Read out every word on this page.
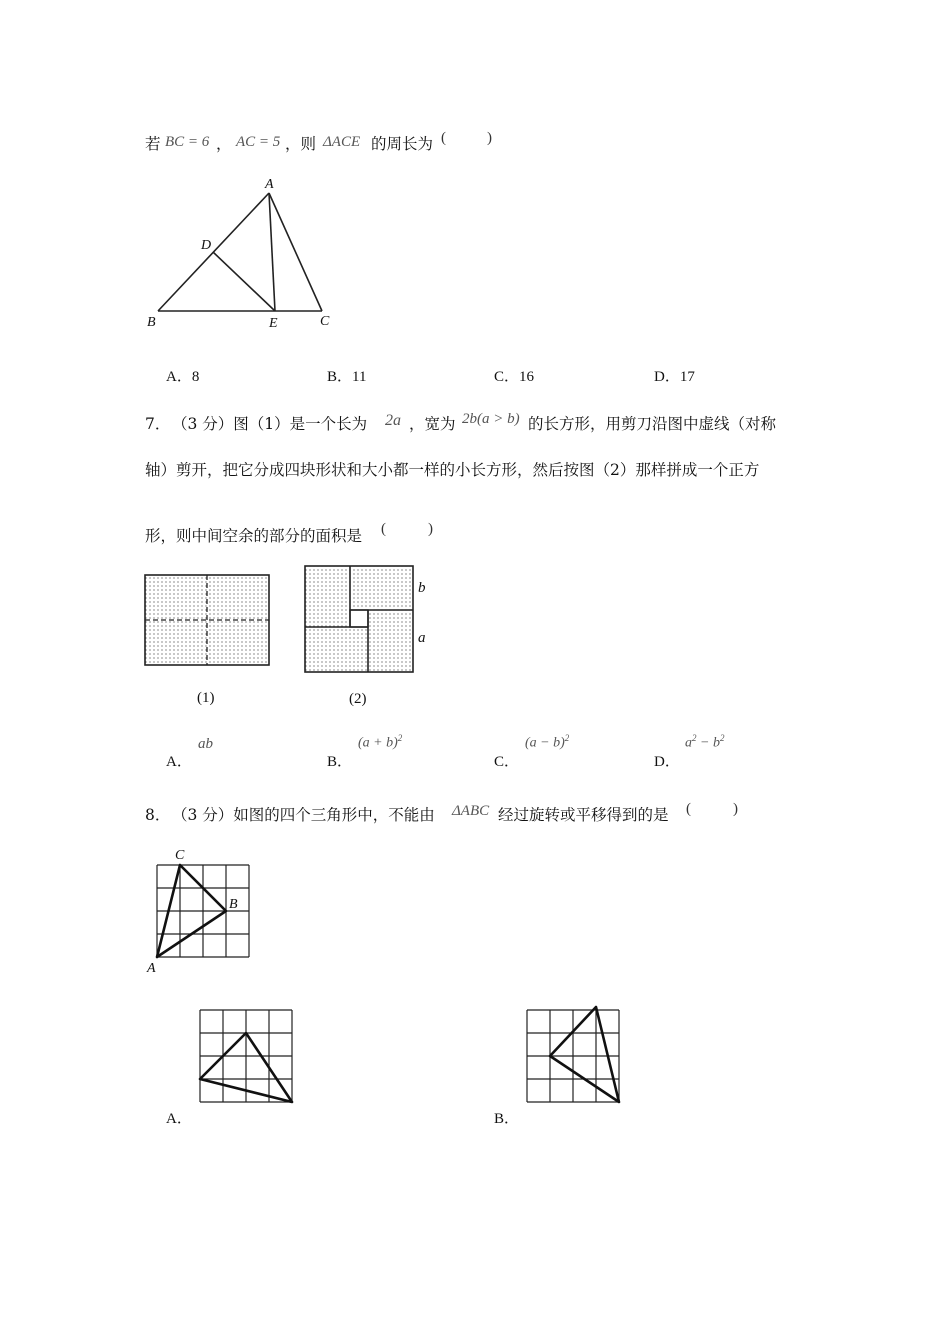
若 BC = 6 ， AC = 5 ，则 ΔACE 的周长为 (	)
A
B	C
D
E
A．8	B．11	C．16	D．17
7． （3 分）图（1）是一个长为 2a ，宽为 2b(a > b) 的长方形，用剪刀沿图中虚线（对称
轴）剪开，把它分成四块形状和大小都一样的小长方形，然后按图（2）那样拼成一个正方
形，则中间空余的部分的面积是 (	)
(1)	(2)
b
a
A．
ab
B．
$(a + b)^2$
C．
$(a - b)^2$
D．
$a^2 - b^2$
8． （3 分）如图的四个三角形中，不能由 ΔABC 经过旋转或平移得到的是 (	)
C
B
A
A．	B．
